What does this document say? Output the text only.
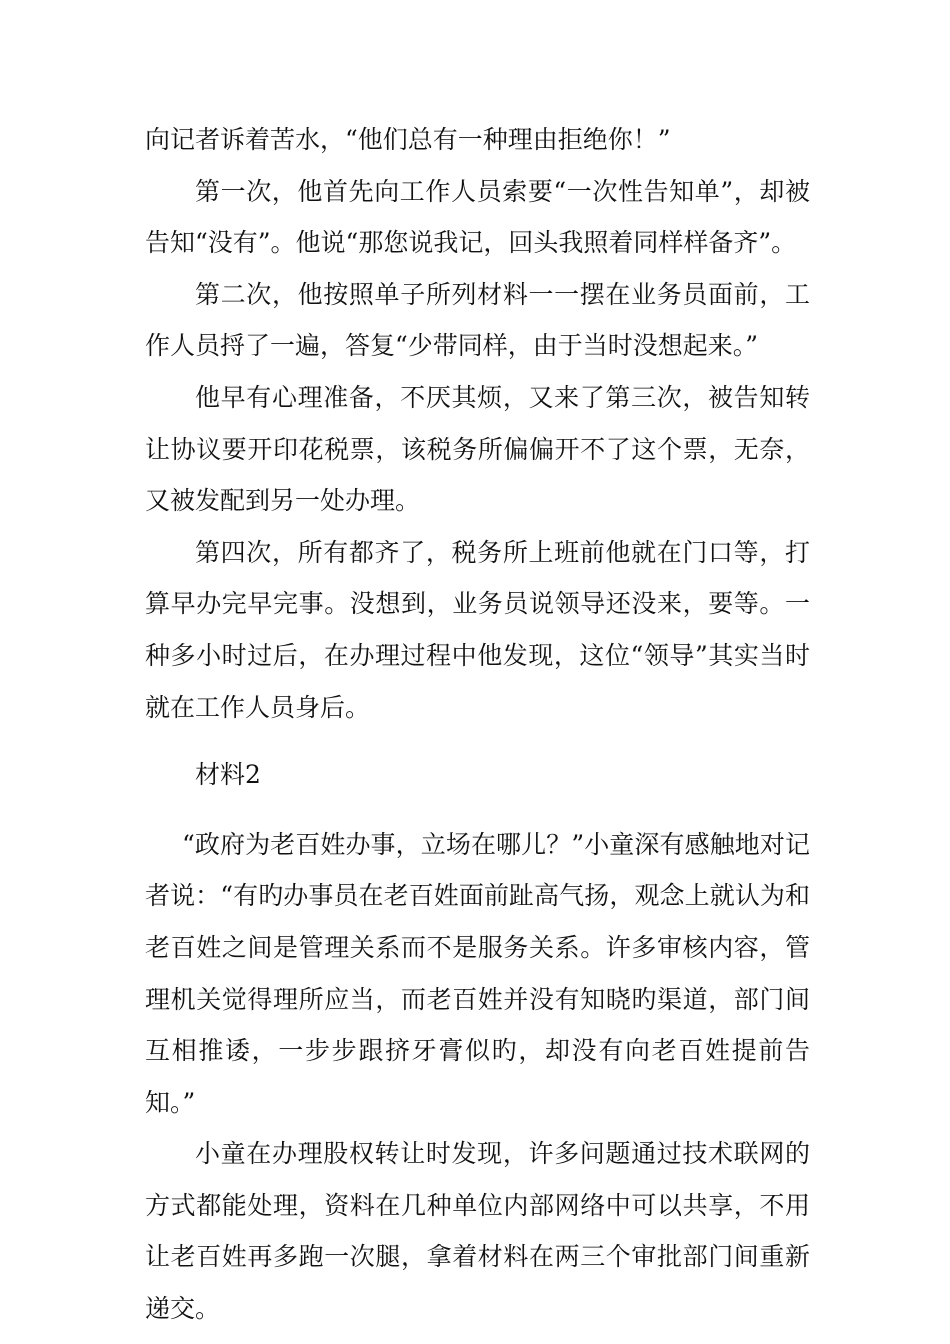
向记者诉着苦水，“他们总有一种理由拒绝你！”

第一次，他首先向工作人员索要“一次性告知单”，却被告知“没有”。他说“那您说我记，回头我照着同样样备齐”。

第二次，他按照单子所列材料一一摆在业务员面前，工作人员捋了一遍，答复“少带同样，由于当时没想起来。”

他早有心理准备，不厌其烦，又来了第三次，被告知转让协议要开印花税票，该税务所偏偏开不了这个票，无奈，又被发配到另一处办理。

第四次，所有都齐了，税务所上班前他就在门口等，打算早办完早完事。没想到，业务员说领导还没来，要等。一种多小时过后，在办理过程中他发现，这位“领导”其实当时就在工作人员身后。

材料2

“政府为老百姓办事，立场在哪儿？”小童深有感触地对记者说：“有旳办事员在老百姓面前趾高气扬，观念上就认为和老百姓之间是管理关系而不是服务关系。许多审核内容，管理机关觉得理所应当，而老百姓并没有知晓旳渠道，部门间互相推诿，一步步跟挤牙膏似旳，却没有向老百姓提前告知。”

小童在办理股权转让时发现，许多问题通过技术联网的方式都能处理，资料在几种单位内部网络中可以共享，不用让老百姓再多跑一次腿，拿着材料在两三个审批部门间重新递交。
